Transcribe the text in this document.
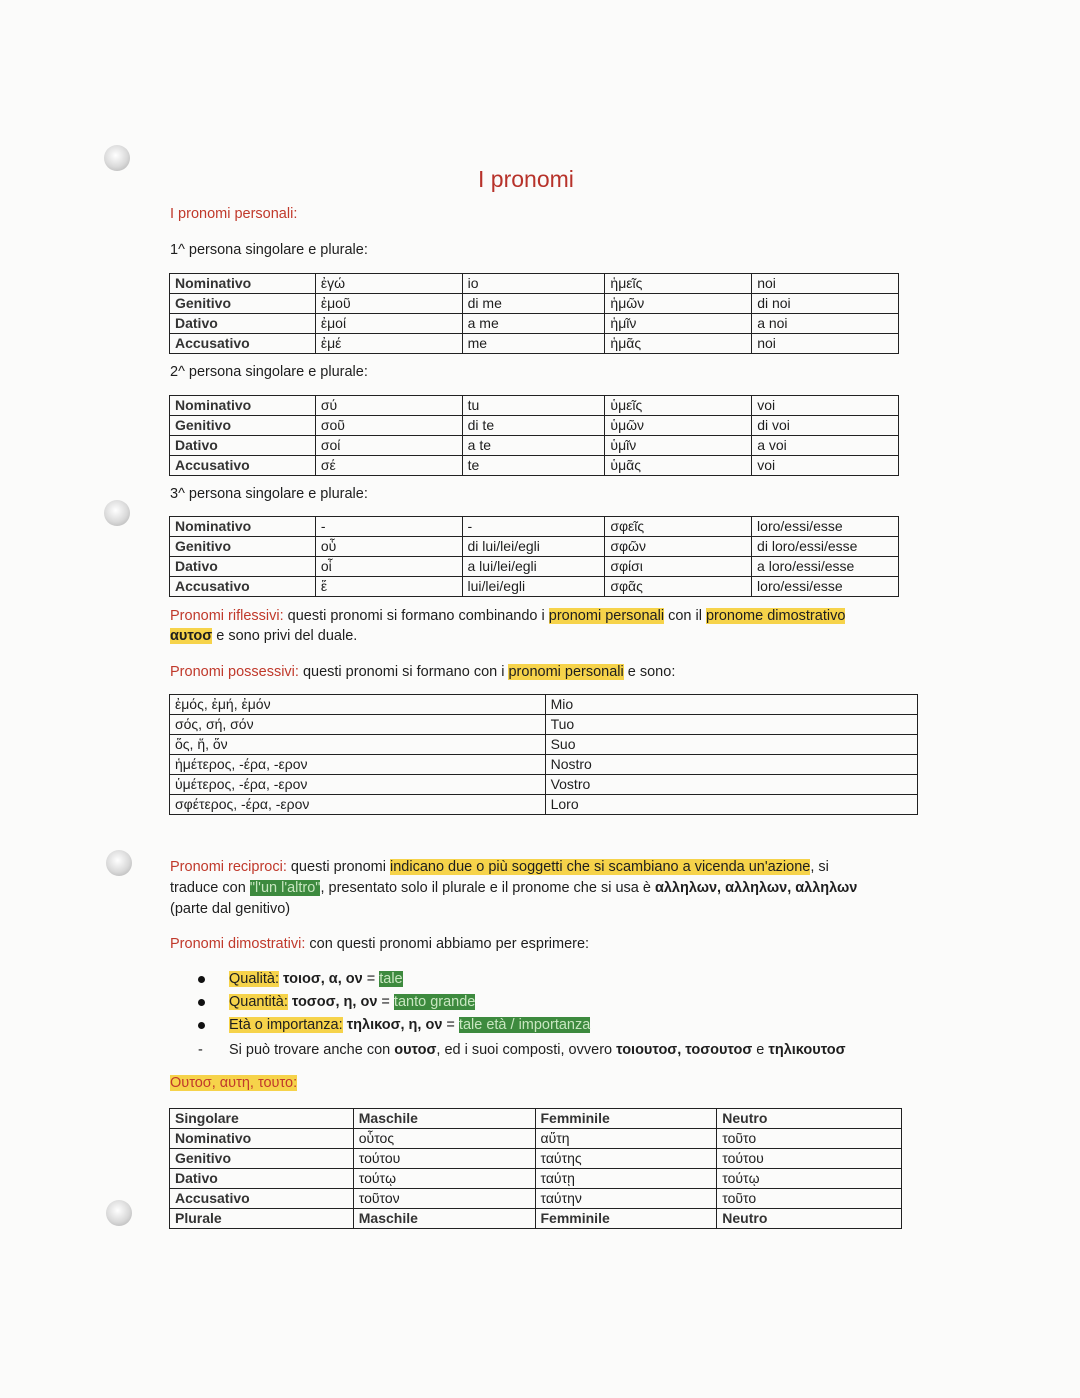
I pronomi
I pronomi personali:
1^ persona singolare e plurale:
Nominativo	ἐγώ	io	ἡμεῖς	noi
Genitivo	ἐμοῦ	di me	ἡμῶν	di noi
Dativo	ἐμοί	a me	ἡμῖν	a noi
Accusativo	ἐμέ	me	ἡμᾶς	noi
2^ persona singolare e plurale:
Nominativo	σύ	tu	ὑμεῖς	voi
Genitivo	σοῦ	di te	ὑμῶν	di voi
Dativo	σοί	a te	ὑμῖν	a voi
Accusativo	σέ	te	ὑμᾶς	voi
3^ persona singolare e plurale:
Nominativo	-	-	σφεῖς	loro/essi/esse
Genitivo	οὗ	di lui/lei/egli	σφῶν	di loro/essi/esse
Dativo	οἷ	a lui/lei/egli	σφίσι	a loro/essi/esse
Accusativo	ἕ	lui/lei/egli	σφᾶς	loro/essi/esse
Pronomi riflessivi: questi pronomi si formano combinando i pronomi personali con il pronome dimostrativo
αυτοσ e sono privi del duale.
Pronomi possessivi: questi pronomi si formano con i pronomi personali e sono:
ἐμός, ἐμή, ἐμόν	Mio
σός, σή, σόν	Tuo
ὅς, ἥ, ὅν	Suo
ἡμέτερος, -έρα, -ερον	Nostro
ὑμέτερος, -έρα, -ερον	Vostro
σφέτερος, -έρα, -ερον	Loro
Pronomi reciproci: questi pronomi indicano due o più soggetti che si scambiano a vicenda un'azione, si
traduce con "l'un l'altro", presentato solo il plurale e il pronome che si usa è αλληλων, αλληλων, αλληλων
(parte dal genitivo)
Pronomi dimostrativi: con questi pronomi abbiamo per esprimere:
Qualità: τοιοσ, α, ον = tale
Quantità: τοσοσ, η, ον = tanto grande
Età o importanza: τηλικοσ, η, ον = tale età / importanza
- Si può trovare anche con ουτοσ, ed i suoi composti, ovvero τοιουτοσ, τοσουτοσ e τηλικουτοσ
Ουτοσ, αυτη, τουτο:
Singolare	Maschile	Femminile	Neutro
Nominativo	οὗτος	αὕτη	τοῦτο
Genitivo	τούτου	ταύτης	τούτου
Dativo	τούτῳ	ταύτῃ	τούτῳ
Accusativo	τοῦτον	ταύτην	τοῦτο
Plurale	Maschile	Femminile	Neutro
